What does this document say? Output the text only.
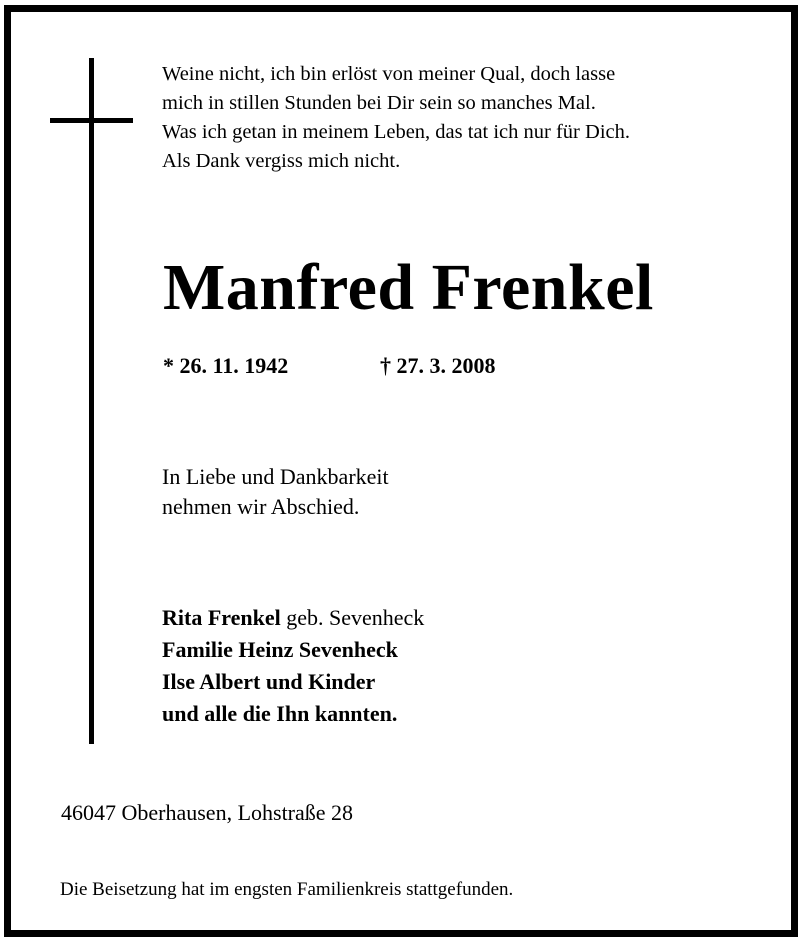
Weine nicht, ich bin erlöst von meiner Qual, doch lasse
mich in stillen Stunden bei Dir sein so manches Mal.
Was ich getan in meinem Leben, das tat ich nur für Dich.
Als Dank vergiss mich nicht.
Manfred Frenkel
* 26. 11. 1942	† 27. 3. 2008
In Liebe und Dankbarkeit
nehmen wir Abschied.
Rita Frenkel geb. Sevenheck
Familie Heinz Sevenheck
Ilse Albert und Kinder
und alle die Ihn kannten.
46047 Oberhausen, Lohstraße 28
Die Beisetzung hat im engsten Familienkreis stattgefunden.
